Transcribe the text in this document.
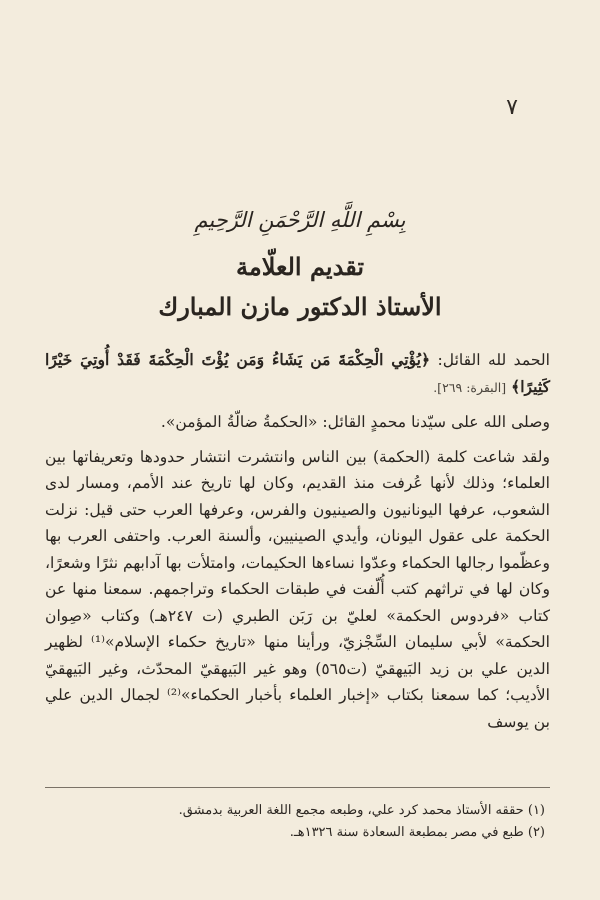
٧
بِسْمِ اللَّهِ الرَّحْمَنِ الرَّحِيمِ
تقديم العلّامة
الأستاذ الدكتور مازن المبارك

الحمد لله القائل: ﴿يُؤْتِي الْحِكْمَةَ مَن يَشَاءُ وَمَن يُؤْتَ الْحِكْمَةَ فَقَدْ أُوتِيَ خَيْرًا كَثِيرًا﴾ [البقرة: ٢٦٩].

وصلى الله على سيّدنا محمدٍ القائل: «الحكمةُ ضالّةُ المؤمن».

ولقد شاعت كلمة (الحكمة) بين الناس وانتشرت انتشار حدودها وتعريفاتها بين العلماء؛ وذلك لأنها عُرفت منذ القديم، وكان لها تاريخ عند الأمم، ومسار لدى الشعوب، عرفها اليونانيون والصينيون والفرس، وعرفها العرب حتى قيل: نزلت الحكمة على عقول اليونان، وأيدي الصينيين، وألسنة العرب. واحتفى العرب بها وعظّموا رجالها الحكماء وعدّوا نساءها الحكيمات، وامتلأت بها آدابهم نثرًا وشعرًا، وكان لها في تراثهم كتب أُلّفت في طبقات الحكماء وتراجمهم. سمعنا منها عن كتاب «فردوس الحكمة» لعليّ بن رَبَن الطبري (ت ٢٤٧هـ) وكتاب «صِوان الحكمة» لأبي سليمان السِّجْزيّ، ورأينا منها «تاريخ حكماء الإسلام»⁽¹⁾ لظهير الدين علي بن زيد البَيهقيّ (ت٥٦٥) وهو غير البَيهقيّ المحدّث، وغير البَيهقيّ الأديب؛ كما سمعنا بكتاب «إخبار العلماء بأخبار الحكماء»⁽²⁾ لجمال الدين علي بن يوسف

(١) حققه الأستاذ محمد كرد علي، وطبعه مجمع اللغة العربية بدمشق.
(٢) طبع في مصر بمطبعة السعادة سنة ١٣٢٦هـ.
